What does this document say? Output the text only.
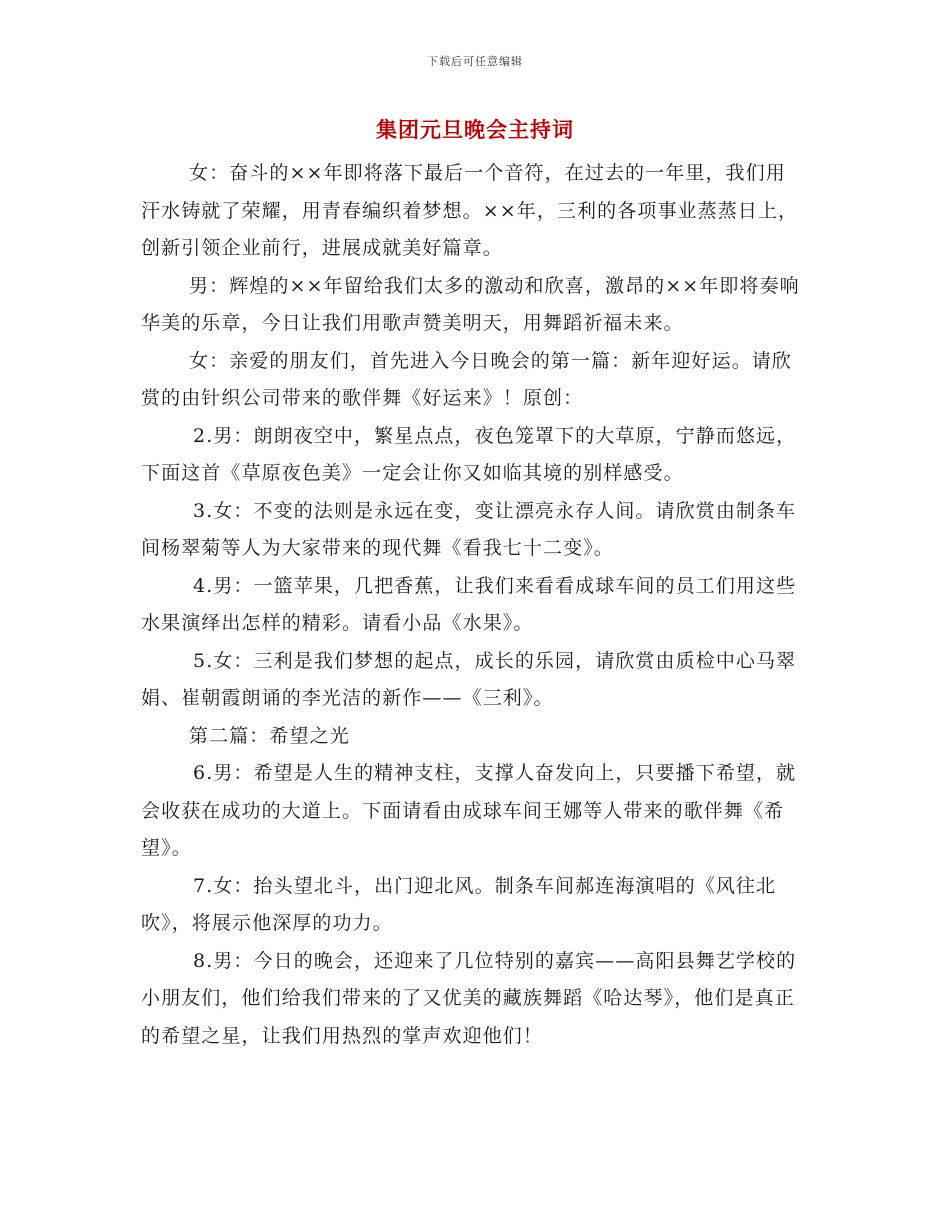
下载后可任意编辑
集团元旦晚会主持词

女：奋斗的××年即将落下最后一个音符，在过去的一年里，我们用汗水铸就了荣耀，用青春编织着梦想。××年，三利的各项事业蒸蒸日上，创新引领企业前行，进展成就美好篇章。

男：辉煌的××年留给我们太多的激动和欣喜，激昂的××年即将奏响华美的乐章，今日让我们用歌声赞美明天，用舞蹈祈福未来。

女：亲爱的朋友们，首先进入今日晚会的第一篇：新年迎好运。请欣赏的由针织公司带来的歌伴舞《好运来》！原创：

2.男：朗朗夜空中，繁星点点，夜色笼罩下的大草原，宁静而悠远，下面这首《草原夜色美》一定会让你又如临其境的别样感受。

3.女：不变的法则是永远在变，变让漂亮永存人间。请欣赏由制条车间杨翠菊等人为大家带来的现代舞《看我七十二变》。

4.男：一篮苹果，几把香蕉，让我们来看看成球车间的员工们用这些水果演绎出怎样的精彩。请看小品《水果》。

5.女：三利是我们梦想的起点，成长的乐园，请欣赏由质检中心马翠娟、崔朝霞朗诵的李光洁的新作——《三利》。

第二篇：希望之光

6.男：希望是人生的精神支柱，支撑人奋发向上，只要播下希望，就会收获在成功的大道上。下面请看由成球车间王娜等人带来的歌伴舞《希望》。

7.女：抬头望北斗，出门迎北风。制条车间郝连海演唱的《风往北吹》，将展示他深厚的功力。

8.男：今日的晚会，还迎来了几位特别的嘉宾——高阳县舞艺学校的小朋友们，他们给我们带来的了又优美的藏族舞蹈《哈达琴》，他们是真正的希望之星，让我们用热烈的掌声欢迎他们！
